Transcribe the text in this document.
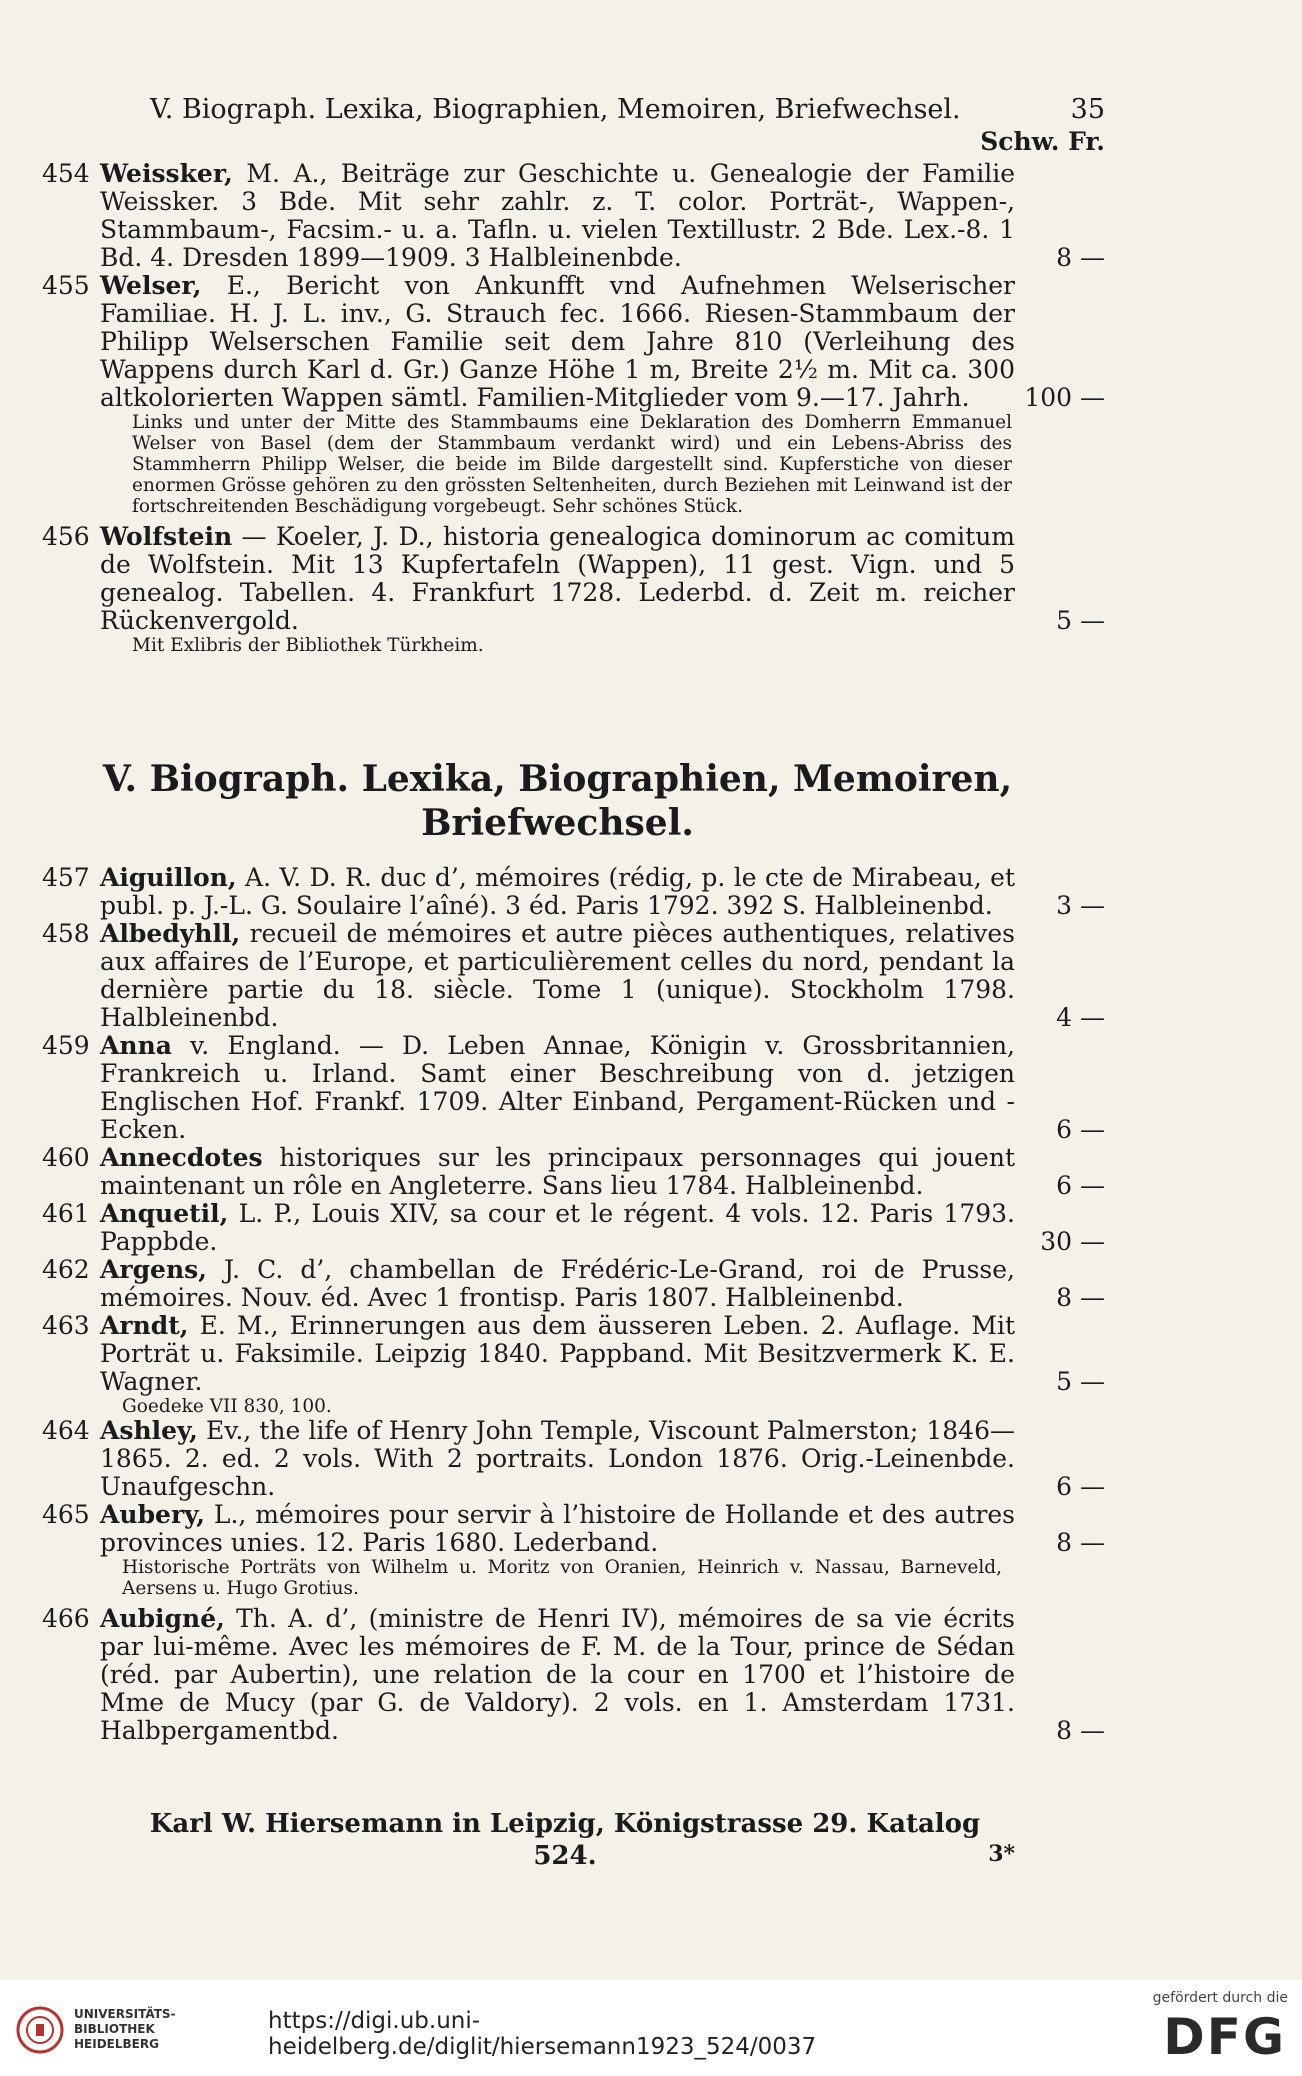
V. Biograph. Lexika, Biographien, Memoiren, Briefwechsel.	35
Schw. Fr.
454 Weissker, M. A., Beiträge zur Geschichte u. Genealogie der Familie Weissker. 3 Bde. Mit sehr zahlr. z. T. color. Porträt-, Wappen-, Stammbaum-, Facsim.- u. a. Tafln. u. vielen Textillustr. 2 Bde. Lex.-8. 1 Bd. 4. Dresden 1899—1909. 3 Halbleinenbde.	8 —
455 Welser, E., Bericht von Ankunfft vnd Aufnehmen Welserischer Familiae. H. J. L. inv., G. Strauch fec. 1666. Riesen-Stammbaum der Philipp Welserschen Familie seit dem Jahre 810 (Verleihung des Wappens durch Karl d. Gr.) Ganze Höhe 1 m, Breite 2½ m. Mit ca. 300 altkolorierten Wappen sämtl. Familien-Mitglieder vom 9.—17. Jahrh.	100 —
Links und unter der Mitte des Stammbaums eine Deklaration des Domherrn Emmanuel Welser von Basel (dem der Stammbaum verdankt wird) und ein Lebens-Abriss des Stammherrn Philipp Welser, die beide im Bilde dargestellt sind. Kupferstiche von dieser enormen Grösse gehören zu den grössten Seltenheiten, durch Beziehen mit Leinwand ist der fortschreitenden Beschädigung vorgebeugt. Sehr schönes Stück.
456 Wolfstein — Koeler, J. D., historia genealogica dominorum ac comitum de Wolfstein. Mit 13 Kupfertafeln (Wappen), 11 gest. Vign. und 5 genealog. Tabellen. 4. Frankfurt 1728. Lederbd. d. Zeit m. reicher Rückenvergold.	5 —
Mit Exlibris der Bibliothek Türkheim.
V. Biograph. Lexika, Biographien, Memoiren, Briefwechsel.
457 Aiguillon, A. V. D. R. duc d’, mémoires (rédig, p. le cte de Mirabeau, et publ. p. J.-L. G. Soulaire l’aîné). 3 éd. Paris 1792. 392 S. Halbleinenbd.	3 —
458 Albedyhll, recueil de mémoires et autre pièces authentiques, relatives aux affaires de l’Europe, et particulièrement celles du nord, pendant la dernière partie du 18. siècle. Tome 1 (unique). Stockholm 1798. Halbleinenbd.	4 —
459 Anna v. England. — D. Leben Annae, Königin v. Grossbritannien, Frankreich u. Irland. Samt einer Beschreibung von d. jetzigen Englischen Hof. Frankf. 1709. Alter Einband, Pergament-Rücken und -Ecken.	6 —
460 Annecdotes historiques sur les principaux personnages qui jouent maintenant un rôle en Angleterre. Sans lieu 1784. Halbleinenbd.	6 —
461 Anquetil, L. P., Louis XIV, sa cour et le régent. 4 vols. 12. Paris 1793. Pappbde.	30 —
462 Argens, J. C. d’, chambellan de Frédéric-Le-Grand, roi de Prusse, mémoires. Nouv. éd. Avec 1 frontisp. Paris 1807. Halbleinenbd.	8 —
463 Arndt, E. M., Erinnerungen aus dem äusseren Leben. 2. Auflage. Mit Porträt u. Faksimile. Leipzig 1840. Pappband. Mit Besitzvermerk K. E. Wagner.	5 —
Goedeke VII 830, 100.
464 Ashley, Ev., the life of Henry John Temple, Viscount Palmerston; 1846—1865. 2. ed. 2 vols. With 2 portraits. London 1876. Orig.-Leinenbde. Unaufgeschn.	6 —
465 Aubery, L., mémoires pour servir à l’histoire de Hollande et des autres provinces unies. 12. Paris 1680. Lederband.	8 —
Historische Porträts von Wilhelm u. Moritz von Oranien, Heinrich v. Nassau, Barneveld, Aersens u. Hugo Grotius.
466 Aubigné, Th. A. d’, (ministre de Henri IV), mémoires de sa vie écrits par lui-même. Avec les mémoires de F. M. de la Tour, prince de Sédan (réd. par Aubertin), une relation de la cour en 1700 et l’histoire de Mme de Mucy (par G. de Valdory). 2 vols. en 1. Amsterdam 1731. Halbpergamentbd.	8 —
Karl W. Hiersemann in Leipzig, Königstrasse 29. Katalog 524.	3*
UNIVERSITÄTS-
BIBLIOTHEK
HEIDELBERG
https://digi.ub.uni-heidelberg.de/diglit/hiersemann1923_524/0037
gefördert durch die
DFG
